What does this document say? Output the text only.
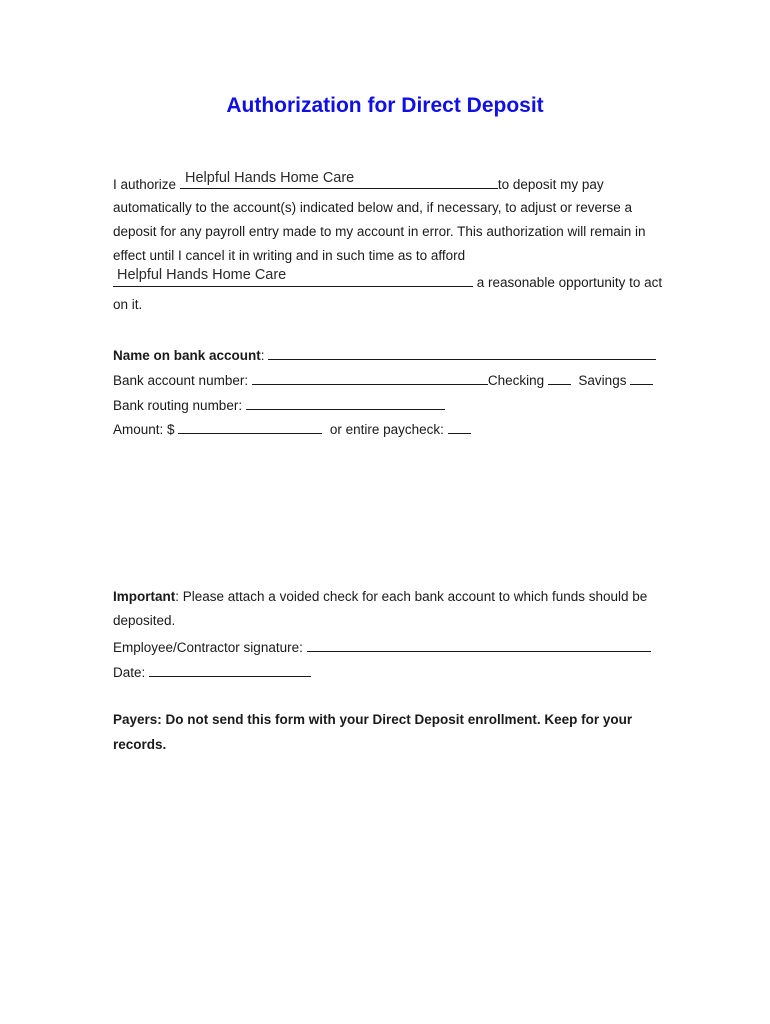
Authorization for Direct Deposit
I authorize	to deposit my pay
Helpful Hands Home Care
automatically to the account(s) indicated below and, if necessary, to adjust or reverse a
deposit for any payroll entry made to my account in error. This authorization will remain in
effect until I cancel it in writing and in such time as to afford
a reasonable opportunity to act
Helpful Hands Home Care
on it.
Name on bank account:
Bank account number:	Checking	Savings
Bank routing number:
Amount: $	or entire paycheck:
Important: Please attach a voided check for each bank account to which funds should be
deposited.
Employee/Contractor signature:
Date:
Payers: Do not send this form with your Direct Deposit enrollment. Keep for your
records.
